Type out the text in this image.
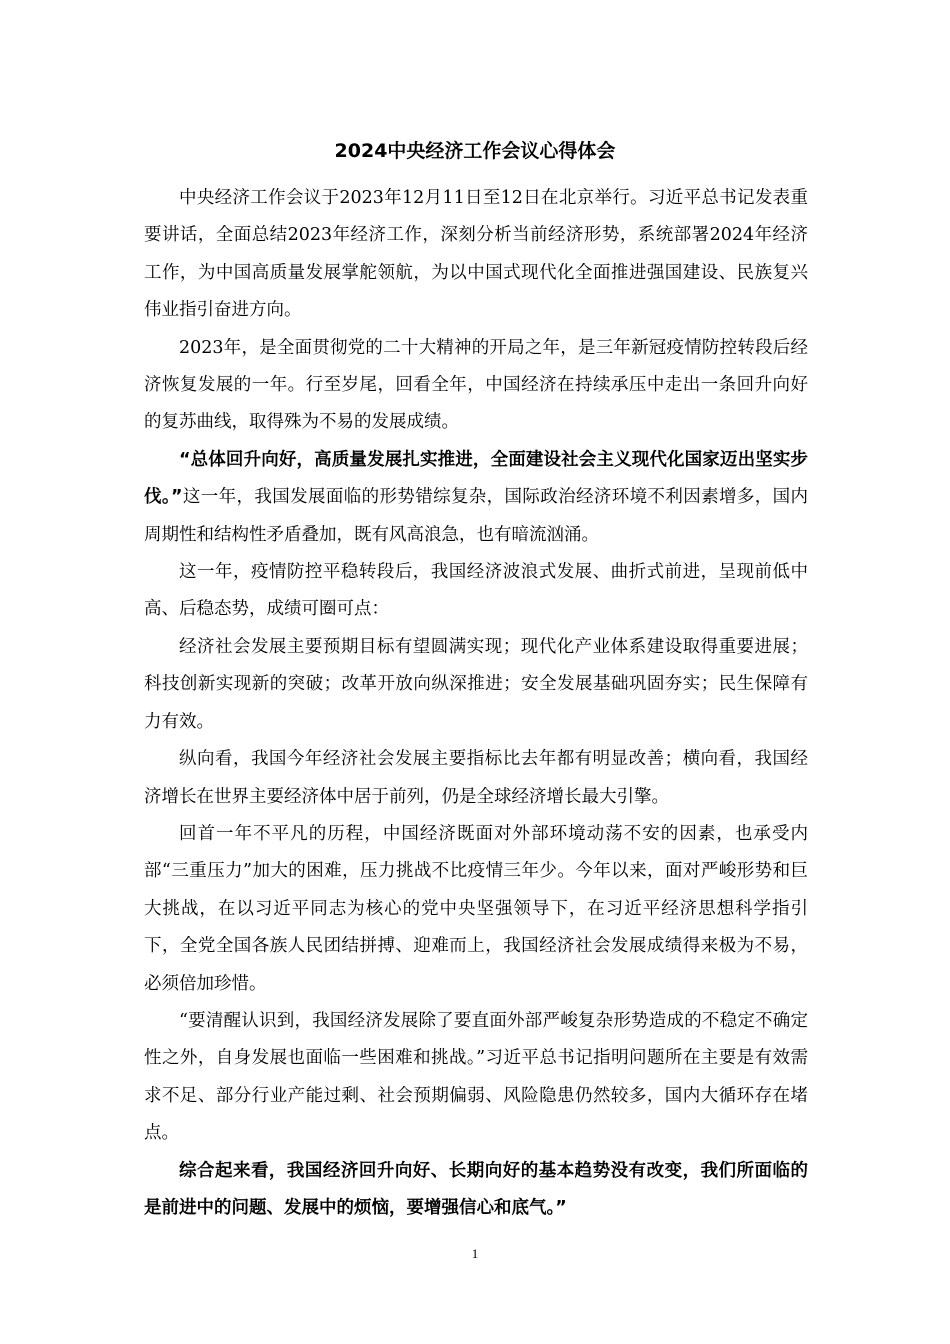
2024中央经济工作会议心得体会

中央经济工作会议于2023年12月11日至12日在北京举行。习近平总书记发表重要讲话，全面总结2023年经济工作，深刻分析当前经济形势，系统部署2024年经济工作，为中国高质量发展掌舵领航，为以中国式现代化全面推进强国建设、民族复兴伟业指引奋进方向。

2023年，是全面贯彻党的二十大精神的开局之年，是三年新冠疫情防控转段后经济恢复发展的一年。行至岁尾，回看全年，中国经济在持续承压中走出一条回升向好的复苏曲线，取得殊为不易的发展成绩。

“总体回升向好，高质量发展扎实推进，全面建设社会主义现代化国家迈出坚实步伐。”这一年，我国发展面临的形势错综复杂，国际政治经济环境不利因素增多，国内周期性和结构性矛盾叠加，既有风高浪急，也有暗流汹涌。

这一年，疫情防控平稳转段后，我国经济波浪式发展、曲折式前进，呈现前低中高、后稳态势，成绩可圈可点：

经济社会发展主要预期目标有望圆满实现；现代化产业体系建设取得重要进展；科技创新实现新的突破；改革开放向纵深推进；安全发展基础巩固夯实；民生保障有力有效。

纵向看，我国今年经济社会发展主要指标比去年都有明显改善；横向看，我国经济增长在世界主要经济体中居于前列，仍是全球经济增长最大引擎。

回首一年不平凡的历程，中国经济既面对外部环境动荡不安的因素，也承受内部“三重压力”加大的困难，压力挑战不比疫情三年少。今年以来，面对严峻形势和巨大挑战，在以习近平同志为核心的党中央坚强领导下，在习近平经济思想科学指引下，全党全国各族人民团结拼搏、迎难而上，我国经济社会发展成绩得来极为不易，必须倍加珍惜。

“要清醒认识到，我国经济发展除了要直面外部严峻复杂形势造成的不稳定不确定性之外，自身发展也面临一些困难和挑战。”习近平总书记指明问题所在主要是有效需求不足、部分行业产能过剩、社会预期偏弱、风险隐患仍然较多，国内大循环存在堵点。

综合起来看，我国经济回升向好、长期向好的基本趋势没有改变，我们所面临的是前进中的问题、发展中的烦恼，要增强信心和底气。”

1
